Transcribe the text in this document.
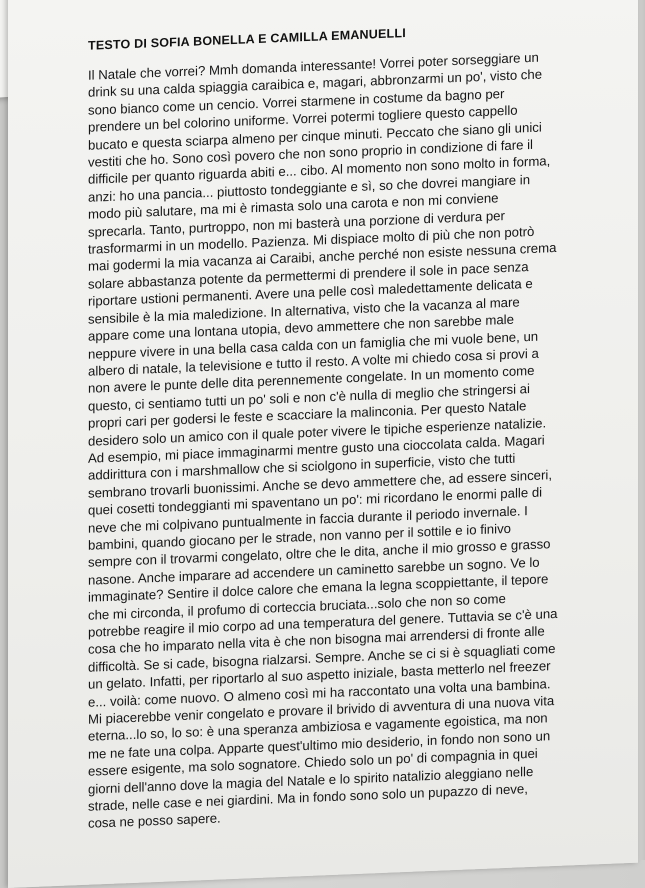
TESTO DI SOFIA BONELLA E CAMILLA EMANUELLI

Il Natale che vorrei? Mmh domanda interessante! Vorrei poter sorseggiare un drink su una calda spiaggia caraibica e, magari, abbronzarmi un po', visto che sono bianco come un cencio. Vorrei starmene in costume da bagno per prendere un bel colorino uniforme. Vorrei potermi togliere questo cappello bucato e questa sciarpa almeno per cinque minuti. Peccato che siano gli unici vestiti che ho. Sono così povero che non sono proprio in condizione di fare il difficile per quanto riguarda abiti e... cibo. Al momento non sono molto in forma, anzi: ho una pancia... piuttosto tondeggiante e sì, so che dovrei mangiare in modo più salutare, ma mi è rimasta solo una carota e non mi conviene sprecarla. Tanto, purtroppo, non mi basterà una porzione di verdura per trasformarmi in un modello. Pazienza. Mi dispiace molto di più che non potrò mai godermi la mia vacanza ai Caraibi, anche perché non esiste nessuna crema solare abbastanza potente da permettermi di prendere il sole in pace senza riportare ustioni permanenti. Avere una pelle così maledettamente delicata e sensibile è la mia maledizione. In alternativa, visto che la vacanza al mare appare come una lontana utopia, devo ammettere che non sarebbe male neppure vivere in una bella casa calda con un famiglia che mi vuole bene, un albero di natale, la televisione e tutto il resto. A volte mi chiedo cosa si provi a non avere le punte delle dita perennemente congelate. In un momento come questo, ci sentiamo tutti un po' soli e non c'è nulla di meglio che stringersi ai propri cari per godersi le feste e scacciare la malinconia. Per questo Natale desidero solo un amico con il quale poter vivere le tipiche esperienze natalizie. Ad esempio, mi piace immaginarmi mentre gusto una cioccolata calda. Magari addirittura con i marshmallow che si sciolgono in superficie, visto che tutti sembrano trovarli buonissimi. Anche se devo ammettere che, ad essere sinceri, quei cosetti tondeggianti mi spaventano un po': mi ricordano le enormi palle di neve che mi colpivano puntualmente in faccia durante il periodo invernale. I bambini, quando giocano per le strade, non vanno per il sottile e io finivo sempre con il trovarmi congelato, oltre che le dita, anche il mio grosso e grasso nasone. Anche imparare ad accendere un caminetto sarebbe un sogno. Ve lo immaginate? Sentire il dolce calore che emana la legna scoppiettante, il tepore che mi circonda, il profumo di corteccia bruciata...solo che non so come potrebbe reagire il mio corpo ad una temperatura del genere. Tuttavia se c'è una cosa che ho imparato nella vita è che non bisogna mai arrendersi di fronte alle difficoltà. Se si cade, bisogna rialzarsi. Sempre. Anche se ci si è squagliati come un gelato. Infatti, per riportarlo al suo aspetto iniziale, basta metterlo nel freezer e... voilà: come nuovo. O almeno così mi ha raccontato una volta una bambina. Mi piacerebbe venir congelato e provare il brivido di avventura di una nuova vita eterna...lo so, lo so: è una speranza ambiziosa e vagamente egoistica, ma non me ne fate una colpa. Apparte quest'ultimo mio desiderio, in fondo non sono un essere esigente, ma solo sognatore. Chiedo solo un po' di compagnia in quei giorni dell'anno dove la magia del Natale e lo spirito natalizio aleggiano nelle strade, nelle case e nei giardini. Ma in fondo sono solo un pupazzo di neve, cosa ne posso sapere.
